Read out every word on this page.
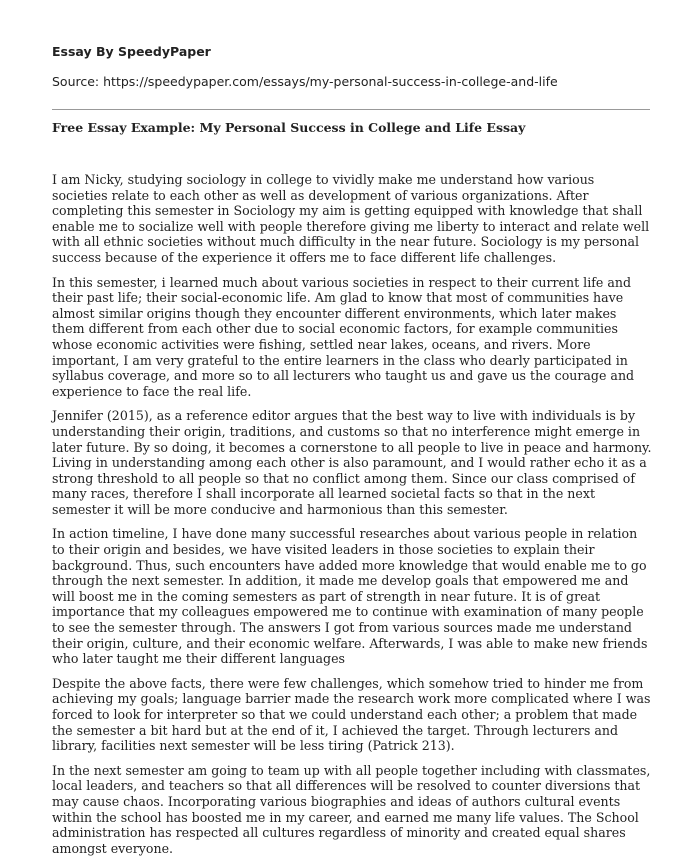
Essay By SpeedyPaper
Source: https://speedypaper.com/essays/my-personal-success-in-college-and-life
Free Essay Example: My Personal Success in College and Life Essay

I am Nicky, studying sociology in college to vividly make me understand how various societies relate to each other as well as development of various organizations. After completing this semester in Sociology my aim is getting equipped with knowledge that shall enable me to socialize well with people therefore giving me liberty to interact and relate well with all ethnic societies without much difficulty in the near future. Sociology is my personal success because of the experience it offers me to face different life challenges.

In this semester, i learned much about various societies in respect to their current life and their past life; their social-economic life. Am glad to know that most of communities have almost similar origins though they encounter different environments, which later makes them different from each other due to social economic factors, for example communities whose economic activities were fishing, settled near lakes, oceans, and rivers. More important, I am very grateful to the entire learners in the class who dearly participated in syllabus coverage, and more so to all lecturers who taught us and gave us the courage and experience to face the real life.

Jennifer (2015), as a reference editor argues that the best way to live with individuals is by understanding their origin, traditions, and customs so that no interference might emerge in later future. By so doing, it becomes a cornerstone to all people to live in peace and harmony. Living in understanding among each other is also paramount, and I would rather echo it as a strong threshold to all people so that no conflict among them. Since our class comprised of many races, therefore I shall incorporate all learned societal facts so that in the next semester it will be more conducive and harmonious than this semester.

In action timeline, I have done many successful researches about various people in relation to their origin and besides, we have visited leaders in those societies to explain their background. Thus, such encounters have added more knowledge that would enable me to go through the next semester. In addition, it made me develop goals that empowered me and will boost me in the coming semesters as part of strength in near future. It is of great importance that my colleagues empowered me to continue with examination of many people to see the semester through. The answers I got from various sources made me understand their origin, culture, and their economic welfare. Afterwards, I was able to make new friends who later taught me their different languages

Despite the above facts, there were few challenges, which somehow tried to hinder me from achieving my goals; language barrier made the research work more complicated where I was forced to look for interpreter so that we could understand each other; a problem that made the semester a bit hard but at the end of it, I achieved the target. Through lecturers and library, facilities next semester will be less tiring (Patrick 213).

In the next semester am going to team up with all people together including with classmates, local leaders, and teachers so that all differences will be resolved to counter diversions that may cause chaos. Incorporating various biographies and ideas of authors cultural events within the school has boosted me in my career, and earned me many life values. The School administration has respected all cultures regardless of minority and created equal shares amongst everyone.
